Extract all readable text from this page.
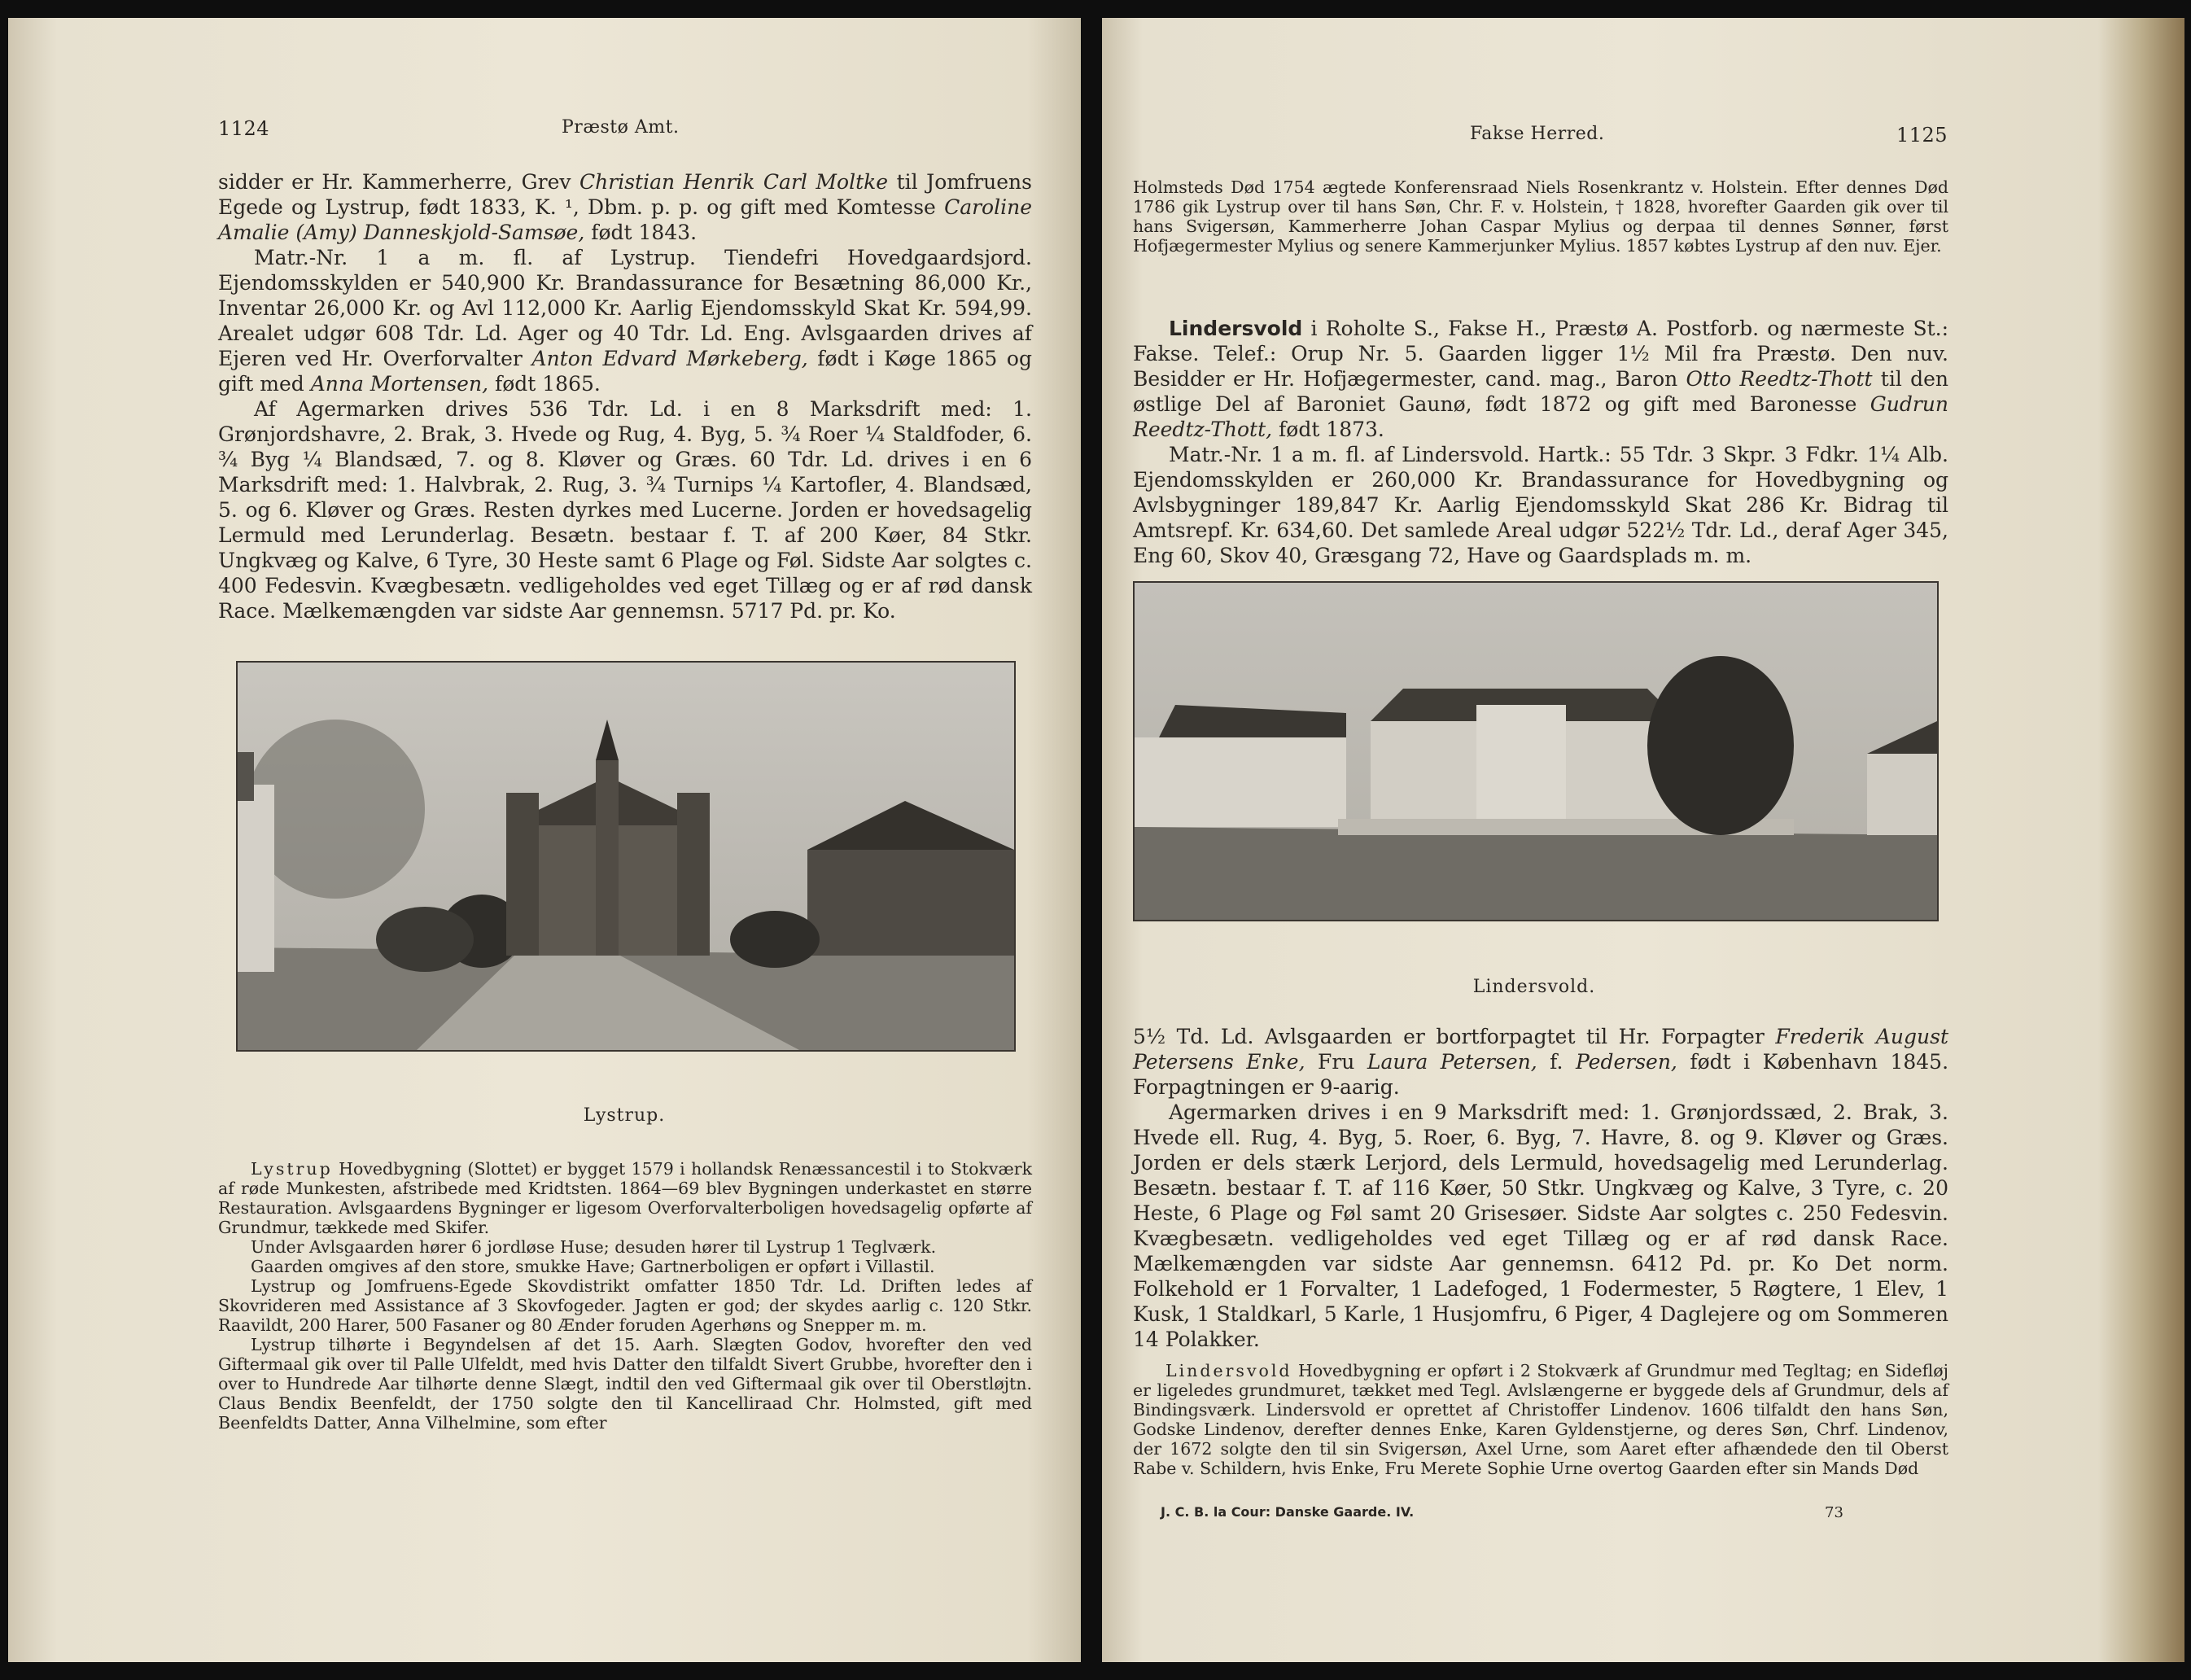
1124	Præstø Amt.

sidder er Hr. Kammerherre, Grev Christian Henrik Carl Moltke til Jomfruens Egede og Lystrup, født 1833, K. ¹, Dbm. p. p. og gift med Komtesse Caroline Amalie (Amy) Danneskjold-Samsøe, født 1843.

Matr.-Nr. 1 a m. fl. af Lystrup. Tiendefri Hovedgaardsjord. Ejendomsskylden er 540,900 Kr. Brandassurance for Besætning 86,000 Kr., Inventar 26,000 Kr. og Avl 112,000 Kr. Aarlig Ejendomsskyld Skat Kr. 594,99. Arealet udgør 608 Tdr. Ld. Ager og 40 Tdr. Ld. Eng. Avlsgaarden drives af Ejeren ved Hr. Overforvalter Anton Edvard Mørkeberg, født i Køge 1865 og gift med Anna Mortensen, født 1865.

Af Agermarken drives 536 Tdr. Ld. i en 8 Marksdrift med: 1. Grønjordshavre, 2. Brak, 3. Hvede og Rug, 4. Byg, 5. ¾ Roer ¼ Staldfoder, 6. ¾ Byg ¼ Blandsæd, 7. og 8. Kløver og Græs. 60 Tdr. Ld. drives i en 6 Marksdrift med: 1. Halvbrak, 2. Rug, 3. ¾ Turnips ¼ Kartofler, 4. Blandsæd, 5. og 6. Kløver og Græs. Resten dyrkes med Lucerne. Jorden er hovedsagelig Lermuld med Lerunderlag. Besætn. bestaar f. T. af 200 Køer, 84 Stkr. Ungkvæg og Kalve, 6 Tyre, 30 Heste samt 6 Plage og Føl. Sidste Aar solgtes c. 400 Fedesvin. Kvægbesætn. vedligeholdes ved eget Tillæg og er af rød dansk Race. Mælkemængden var sidste Aar gennemsn. 5717 Pd. pr. Ko.

Lystrup.

Lystrup Hovedbygning (Slottet) er bygget 1579 i hollandsk Renæssancestil i to Stokværk af røde Munkesten, afstribede med Kridtsten. 1864—69 blev Bygningen underkastet en større Restauration. Avlsgaardens Bygninger er ligesom Overforvalterboligen hovedsagelig opførte af Grundmur, tækkede med Skifer.

Under Avlsgaarden hører 6 jordløse Huse; desuden hører til Lystrup 1 Teglværk.

Gaarden omgives af den store, smukke Have; Gartnerboligen er opført i Villastil.

Lystrup og Jomfruens-Egede Skovdistrikt omfatter 1850 Tdr. Ld. Driften ledes af Skovrideren med Assistance af 3 Skovfogeder. Jagten er god; der skydes aarlig c. 120 Stkr. Raavildt, 200 Harer, 500 Fasaner og 80 Ænder foruden Agerhøns og Snepper m. m.

Lystrup tilhørte i Begyndelsen af det 15. Aarh. Slægten Godov, hvorefter den ved Giftermaal gik over til Palle Ulfeldt, med hvis Datter den tilfaldt Sivert Grubbe, hvorefter den i over to Hundrede Aar tilhørte denne Slægt, indtil den ved Giftermaal gik over til Oberstløjtn. Claus Bendix Beenfeldt, der 1750 solgte den til Kancelliraad Chr. Holmsted, gift med Beenfeldts Datter, Anna Vilhelmine, som efter

Fakse Herred.	1125

Holmsteds Død 1754 ægtede Konferensraad Niels Rosenkrantz v. Holstein. Efter dennes Død 1786 gik Lystrup over til hans Søn, Chr. F. v. Holstein, † 1828, hvorefter Gaarden gik over til hans Svigersøn, Kammerherre Johan Caspar Mylius og derpaa til dennes Sønner, først Hofjægermester Mylius og senere Kammerjunker Mylius. 1857 købtes Lystrup af den nuv. Ejer.

Lindersvold i Roholte S., Fakse H., Præstø A. Postforb. og nærmeste St.: Fakse. Telef.: Orup Nr. 5. Gaarden ligger 1½ Mil fra Præstø. Den nuv. Besidder er Hr. Hofjægermester, cand. mag., Baron Otto Reedtz-Thott til den østlige Del af Baroniet Gaunø, født 1872 og gift med Baronesse Gudrun Reedtz-Thott, født 1873.

Matr.-Nr. 1 a m. fl. af Lindersvold. Hartk.: 55 Tdr. 3 Skpr. 3 Fdkr. 1¼ Alb. Ejendomsskylden er 260,000 Kr. Brandassurance for Hovedbygning og Avlsbygninger 189,847 Kr. Aarlig Ejendomsskyld Skat 286 Kr. Bidrag til Amtsrepf. Kr. 634,60. Det samlede Areal udgør 522½ Tdr. Ld., deraf Ager 345, Eng 60, Skov 40, Græsgang 72, Have og Gaardsplads m. m.

Lindersvold.

5½ Td. Ld. Avlsgaarden er bortforpagtet til Hr. Forpagter Frederik August Petersens Enke, Fru Laura Petersen, f. Pedersen, født i København 1845. Forpagtningen er 9-aarig.

Agermarken drives i en 9 Marksdrift med: 1. Grønjordssæd, 2. Brak, 3. Hvede ell. Rug, 4. Byg, 5. Roer, 6. Byg, 7. Havre, 8. og 9. Kløver og Græs. Jorden er dels stærk Lerjord, dels Lermuld, hovedsagelig med Lerunderlag. Besætn. bestaar f. T. af 116 Køer, 50 Stkr. Ungkvæg og Kalve, 3 Tyre, c. 20 Heste, 6 Plage og Føl samt 20 Grisesøer. Sidste Aar solgtes c. 250 Fedesvin. Kvægbesætn. vedligeholdes ved eget Tillæg og er af rød dansk Race. Mælkemængden var sidste Aar gennemsn. 6412 Pd. pr. Ko Det norm. Folkehold er 1 Forvalter, 1 Ladefoged, 1 Fodermester, 5 Røgtere, 1 Elev, 1 Kusk, 1 Staldkarl, 5 Karle, 1 Husjomfru, 6 Piger, 4 Daglejere og om Sommeren 14 Polakker.

Lindersvold Hovedbygning er opført i 2 Stokværk af Grundmur med Tegltag; en Sidefløj er ligeledes grundmuret, tækket med Tegl. Avlslængerne er byggede dels af Grundmur, dels af Bindingsværk. Lindersvold er oprettet af Christoffer Lindenov. 1606 tilfaldt den hans Søn, Godske Lindenov, derefter dennes Enke, Karen Gyldenstjerne, og deres Søn, Chrf. Lindenov, der 1672 solgte den til sin Svigersøn, Axel Urne, som Aaret efter afhændede den til Oberst Rabe v. Schildern, hvis Enke, Fru Merete Sophie Urne overtog Gaarden efter sin Mands Død

J. C. B. la Cour: Danske Gaarde. IV.	73
